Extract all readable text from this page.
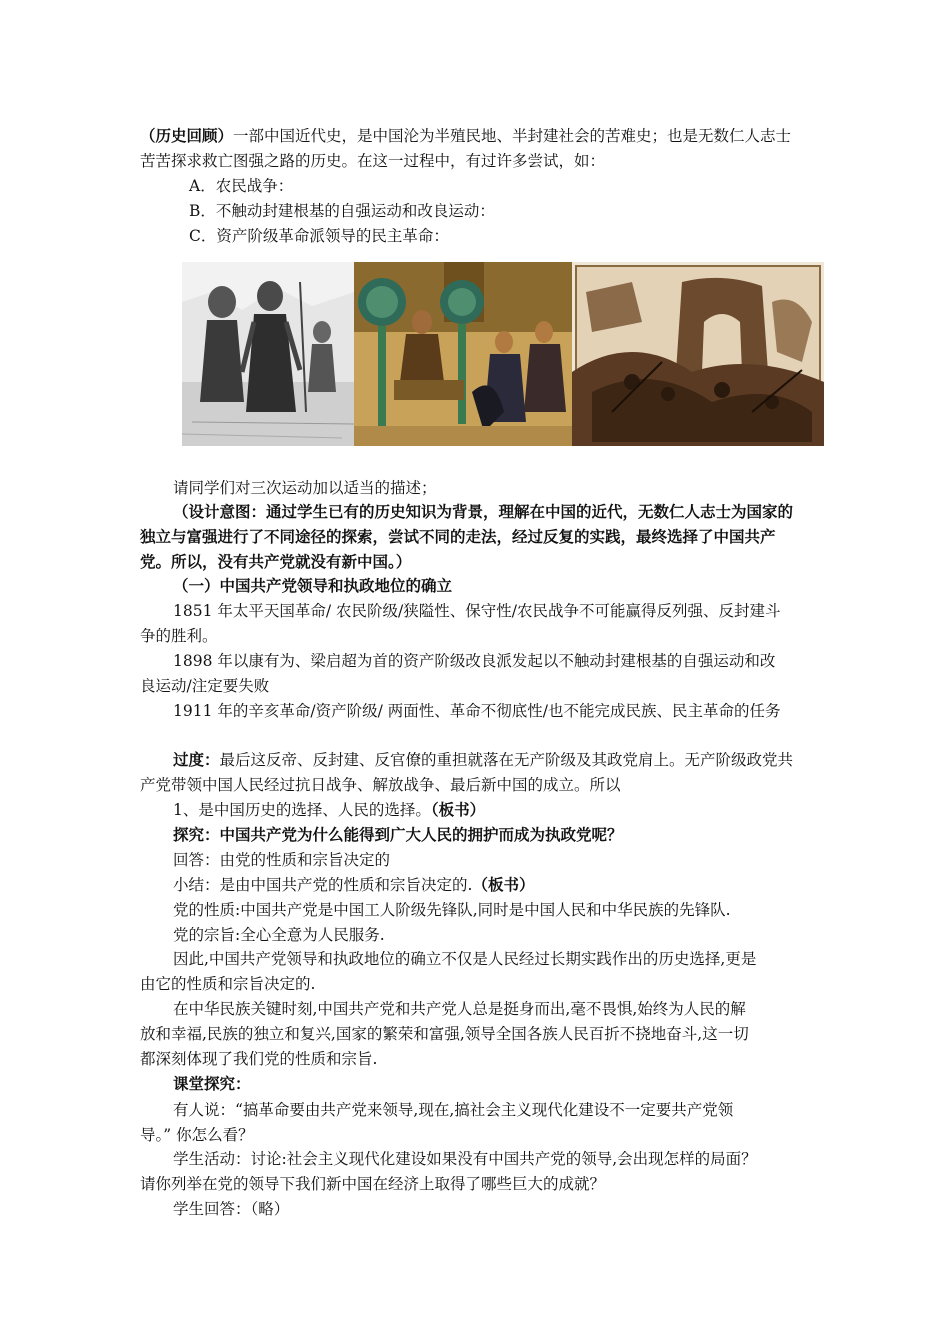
（历史回顾）一部中国近代史，是中国沦为半殖民地、半封建社会的苦难史；也是无数仁人志士
苦苦探求救亡图强之路的历史。在这一过程中，有过许多尝试，如：
A．农民战争：
B．不触动封建根基的自强运动和改良运动：
C．资产阶级革命派领导的民主革命：
请同学们对三次运动加以适当的描述；
（设计意图：通过学生已有的历史知识为背景，理解在中国的近代，无数仁人志士为国家的
独立与富强进行了不同途径的探索，尝试不同的走法，经过反复的实践，最终选择了中国共产
党。所以，没有共产党就没有新中国。）
（一）中国共产党领导和执政地位的确立
1851 年太平天国革命/ 农民阶级/狭隘性、保守性/农民战争不可能赢得反列强、反封建斗
争的胜利。
1898 年以康有为、梁启超为首的资产阶级改良派发起以不触动封建根基的自强运动和改
良运动/注定要失败
1911 年的辛亥革命/资产阶级/ 两面性、革命不彻底性/也不能完成民族、民主革命的任务
过度：最后这反帝、反封建、反官僚的重担就落在无产阶级及其政党肩上。无产阶级政党共
产党带领中国人民经过抗日战争、解放战争、最后新中国的成立。所以
1、是中国历史的选择、人民的选择。（板书）
探究：中国共产党为什么能得到广大人民的拥护而成为执政党呢？
回答：由党的性质和宗旨决定的
小结：是由中国共产党的性质和宗旨决定的.（板书）
党的性质:中国共产党是中国工人阶级先锋队,同时是中国人民和中华民族的先锋队.
党的宗旨:全心全意为人民服务.
因此,中国共产党领导和执政地位的确立不仅是人民经过长期实践作出的历史选择,更是
由它的性质和宗旨决定的.
在中华民族关键时刻,中国共产党和共产党人总是挺身而出,毫不畏惧,始终为人民的解
放和幸福,民族的独立和复兴,国家的繁荣和富强,领导全国各族人民百折不挠地奋斗,这一切
都深刻体现了我们党的性质和宗旨.
课堂探究：
有人说：“搞革命要由共产党来领导,现在,搞社会主义现代化建设不一定要共产党领
导。” 你怎么看？
学生活动：讨论:社会主义现代化建设如果没有中国共产党的领导,会出现怎样的局面？
请你列举在党的领导下我们新中国在经济上取得了哪些巨大的成就？
学生回答：（略）
